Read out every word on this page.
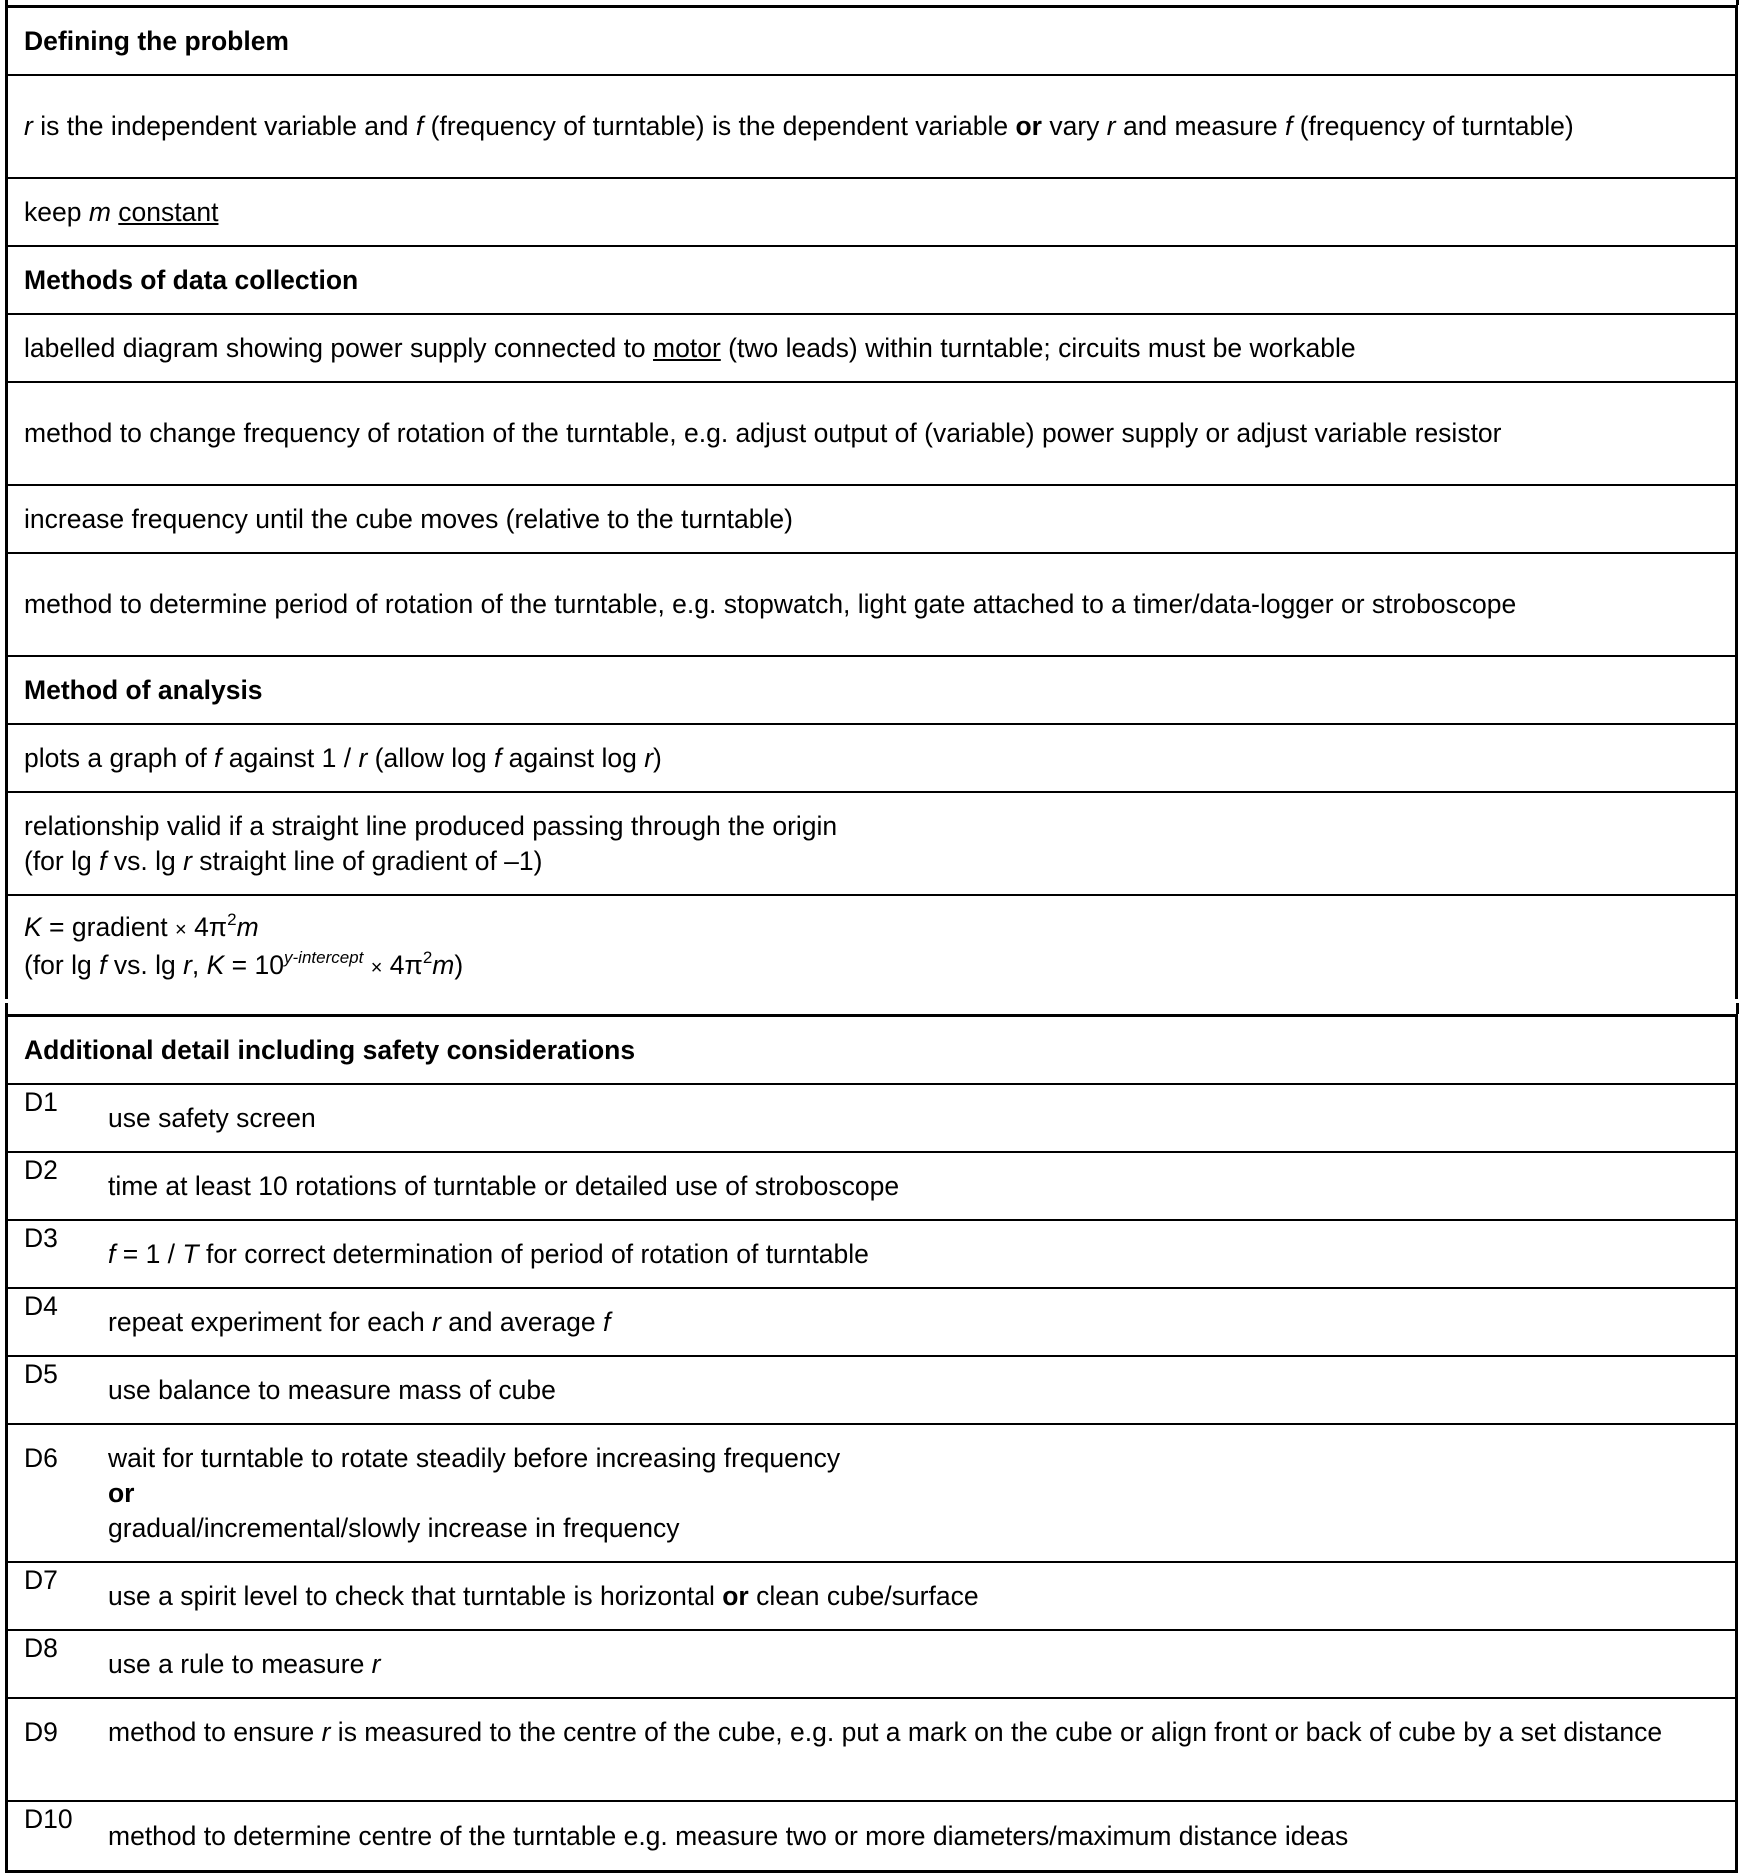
Defining the problem
r is the independent variable and f (frequency of turntable) is the dependent variable or vary r and measure f (frequency of turntable)
keep m constant
Methods of data collection
labelled diagram showing power supply connected to motor (two leads) within turntable; circuits must be workable
method to change frequency of rotation of the turntable, e.g. adjust output of (variable) power supply or adjust variable resistor
increase frequency until the cube moves (relative to the turntable)
method to determine period of rotation of the turntable, e.g. stopwatch, light gate attached to a timer/data-logger or stroboscope
Method of analysis
plots a graph of f against 1 / r (allow log f against log r)
relationship valid if a straight line produced passing through the origin
(for lg f vs. lg r straight line of gradient of –1)
K = gradient × $4\pi^2m$
(for lg f vs. lg r, $K = 10^{y-intercept} \times 4\pi^2m$)
Additional detail including safety considerations
D1
use safety screen
D2
time at least 10 rotations of turntable or detailed use of stroboscope
D3
f = 1 / T for correct determination of period of rotation of turntable
D4
repeat experiment for each r and average f
D5
use balance to measure mass of cube
D6	wait for turntable to rotate steadily before increasing frequency
or
gradual/incremental/slowly increase in frequency
D7
use a spirit level to check that turntable is horizontal or clean cube/surface
D8
use a rule to measure r
D9	method to ensure r is measured to the centre of the cube, e.g. put a mark on the cube or align front or back of cube by a set distance
D10
method to determine centre of the turntable e.g. measure two or more diameters/maximum distance ideas
